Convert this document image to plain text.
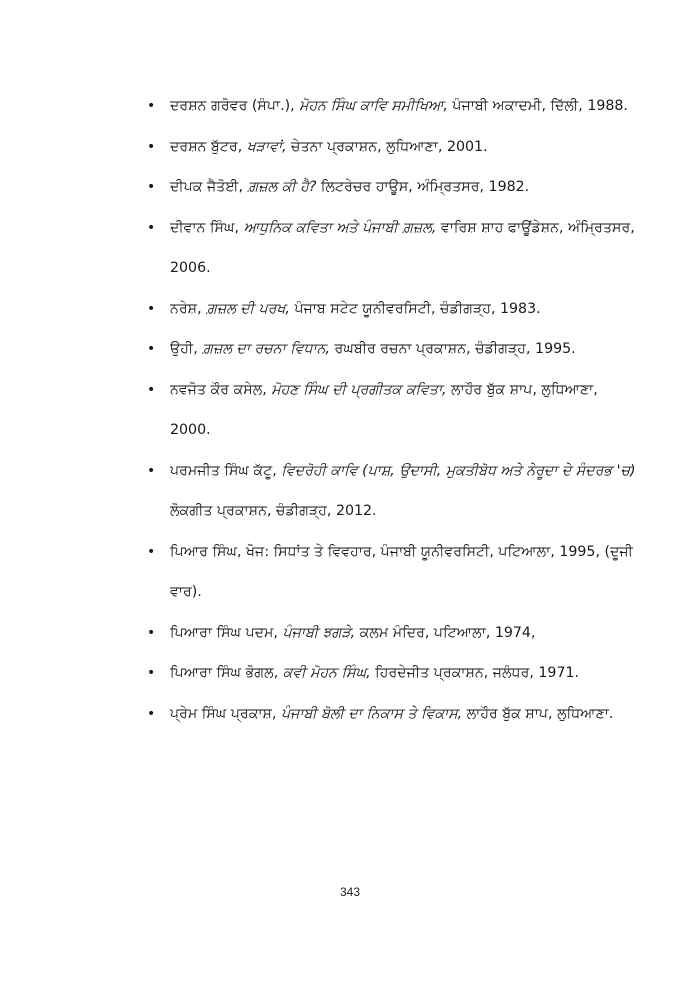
• ਦਰਸ਼ਨ ਗਰੋਵਰ (ਸੰਪਾ.), ਮੋਹਨ ਸਿੰਘ ਕਾਵਿ ਸਮੀਖਿਆ, ਪੰਜਾਬੀ ਅਕਾਦਮੀ, ਦਿੱਲੀ, 1988.
• ਦਰਸ਼ਨ ਬੁੱਟਰ, ਖੜਾਵਾਂ, ਚੇਤਨਾ ਪ੍ਰਕਾਸ਼ਨ, ਲੁਧਿਆਣਾ, 2001.
• ਦੀਪਕ ਜੈਤੋਈ, ਗ਼ਜ਼ਲ ਕੀ ਹੈ? ਲਿਟਰੇਚਰ ਹਾਊਸ, ਅੰਮ੍ਰਿਤਸਰ, 1982.
• ਦੀਵਾਨ ਸਿੰਘ, ਆਧੁਨਿਕ ਕਵਿਤਾ ਅਤੇ ਪੰਜਾਬੀ ਗ਼ਜ਼ਲ, ਵਾਰਿਸ਼ ਸ਼ਾਹ ਫਾਊਂਡੇਸ਼ਨ, ਅੰਮ੍ਰਿਤਸਰ, 2006.
• ਨਰੇਸ਼, ਗ਼ਜ਼ਲ ਦੀ ਪਰਖ, ਪੰਜਾਬ ਸਟੇਟ ਯੂਨੀਵਰਸਿਟੀ, ਚੰਡੀਗੜ੍ਹ, 1983.
• ਉਹੀ, ਗ਼ਜ਼ਲ ਦਾ ਰਚਨਾ ਵਿਧਾਨ, ਰਘਬੀਰ ਰਚਨਾ ਪ੍ਰਕਾਸ਼ਨ, ਚੰਡੀਗੜ੍ਹ, 1995.
• ਨਵਜੋਤ ਕੌਰ ਕਸੇਲ, ਮੋਹਣ ਸਿੰਘ ਦੀ ਪ੍ਰਗੀਤਕ ਕਵਿਤਾ, ਲਾਹੌਰ ਬੁੱਕ ਸ਼ਾਪ, ਲੁਧਿਆਣਾ, 2000.
• ਪਰਮਜੀਤ ਸਿੰਘ ਕੱਟੂ, ਵਿਦਰੋਹੀ ਕਾਵਿ (ਪਾਸ਼, ਉਦਾਸੀ, ਮੁਕਤੀਬੋਧ ਅਤੇ ਨੇਰੂਦਾ ਦੇ ਸੰਦਰਭ 'ਚ) ਲੋਕਗੀਤ ਪ੍ਰਕਾਸ਼ਨ, ਚੰਡੀਗੜ੍ਹ, 2012.
• ਪਿਆਰ ਸਿੰਘ, ਖੋਜ: ਸਿਧਾਂਤ ਤੇ ਵਿਵਹਾਰ, ਪੰਜਾਬੀ ਯੂਨੀਵਰਸਿਟੀ, ਪਟਿਆਲਾ, 1995, (ਦੂਜੀ ਵਾਰ).
• ਪਿਆਰਾ ਸਿੰਘ ਪਦਮ, ਪੰਜਾਬੀ ਝਗੜੇ, ਕਲਮ ਮੰਦਿਰ, ਪਟਿਆਲਾ, 1974,
• ਪਿਆਰਾ ਸਿੰਘ ਭੋਗਲ, ਕਵੀ ਮੋਹਨ ਸਿੰਘ, ਹਿਰਦੇਜੀਤ ਪ੍ਰਕਾਸ਼ਨ, ਜਲੰਧਰ, 1971.
• ਪ੍ਰੇਮ ਸਿੰਘ ਪ੍ਰਕਾਸ਼, ਪੰਜਾਬੀ ਬੋਲੀ ਦਾ ਨਿਕਾਸ ਤੇ ਵਿਕਾਸ, ਲਾਹੌਰ ਬੁੱਕ ਸ਼ਾਪ, ਲੁਧਿਆਣਾ.
343
